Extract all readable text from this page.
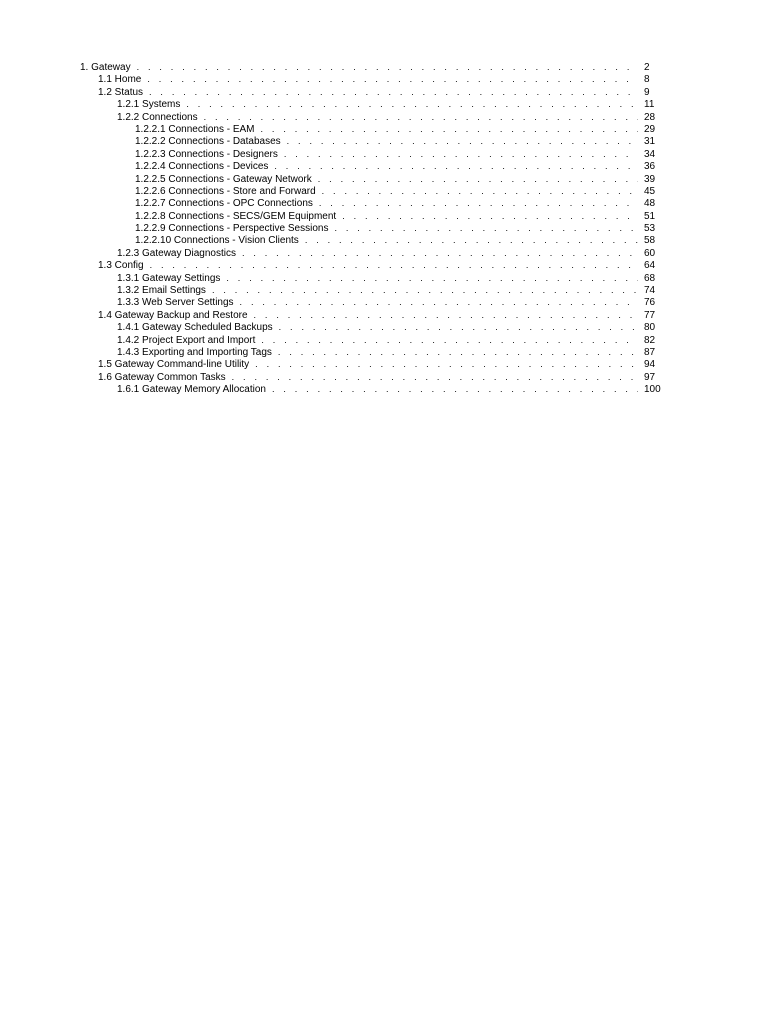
1. Gateway . . .	2
1.1 Home . . .	8
1.2 Status . . .	9
1.2.1 Systems . . .	11
1.2.2 Connections . . .	28
1.2.2.1 Connections - EAM . . .	29
1.2.2.2 Connections - Databases . . .	31
1.2.2.3 Connections - Designers . . .	34
1.2.2.4 Connections - Devices . . .	36
1.2.2.5 Connections - Gateway Network . . .	39
1.2.2.6 Connections - Store and Forward . . .	45
1.2.2.7 Connections - OPC Connections . . .	48
1.2.2.8 Connections - SECS/GEM Equipment . . .	51
1.2.2.9 Connections - Perspective Sessions . . .	53
1.2.2.10 Connections - Vision Clients . . .	58
1.2.3 Gateway Diagnostics . . .	60
1.3 Config . . .	64
1.3.1 Gateway Settings . . .	68
1.3.2 Email Settings . . .	74
1.3.3 Web Server Settings . . .	76
1.4 Gateway Backup and Restore . . .	77
1.4.1 Gateway Scheduled Backups . . .	80
1.4.2 Project Export and Import . . .	82
1.4.3 Exporting and Importing Tags . . .	87
1.5 Gateway Command-line Utility . . .	94
1.6 Gateway Common Tasks . . .	97
1.6.1 Gateway Memory Allocation . . .	100
